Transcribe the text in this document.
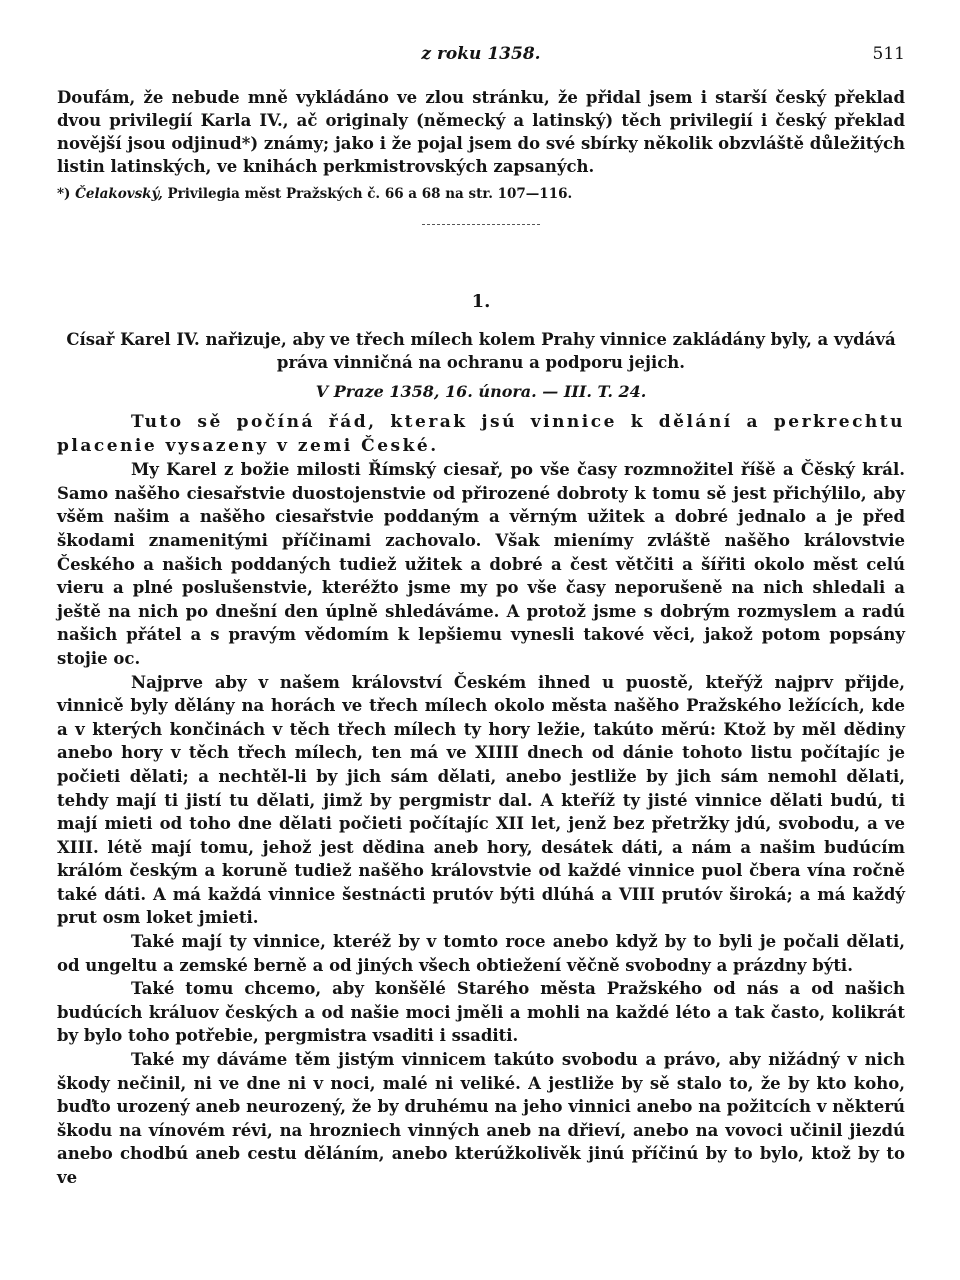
z roku 1358.	511
Doufám, že nebude mně vykládáno ve zlou stránku, že přidal jsem i starší český překlad dvou privilegií Karla IV., ač originaly (německý a latinský) těch privilegií i český překlad novější jsou odjinud*) známy; jako i že pojal jsem do své sbírky několik obzvláště důležitých listin latinských, ve knihách perkmistrovských zapsaných.
*) Čelakovský, Privilegia měst Pražských č. 66 a 68 na str. 107—116.
1.
Císař Karel IV. nařizuje, aby ve třech mílech kolem Prahy vinnice zakládány byly, a vydává práva vinničná na ochranu a podporu jejich.
V Praze 1358, 16. února. — III. T. 24.

Tuto sě počíná řád, kterak jsú vinnice k dělání a perkrechtu placenie vysazeny v zemi České.

My Karel z božie milosti Římský ciesař, po vše časy rozmnožitel říšě a Čěský král. Samo našěho ciesařstvie duostojenstvie od přirozené dobroty k tomu sě jest přichýlilo, aby všěm našim a našěho ciesařstvie poddaným a věrným užitek a dobré jednalo a je před škodami znamenitými příčinami zachovalo. Však mienímy zvláště našěho královstvie Českého a našich poddaných tudiež užitek a dobré a čest větčiti a šířiti okolo měst celú vieru a plné poslušenstvie, kteréžto jsme my po vše časy neporušeně na nich shledali a ještě na nich po dnešní den úplně shledáváme. A protož jsme s dobrým rozmyslem a radú našich přátel a s pravým vědomím k lepšiemu vynesli takové věci, jakož potom popsány stojie oc.

Najprve aby v našem království Českém ihned u puostě, kteřýž najprv přijde, vinnicě byly dělány na horách ve třech mílech okolo města našěho Pražského ležících, kde a v kterých končinách v těch třech mílech ty hory ležie, takúto měrú: Ktož by měl dědiny anebo hory v těch třech mílech, ten má ve XIIII dnech od dánie tohoto listu počítajíc je počieti dělati; a nechtěl-li by jich sám dělati, anebo jestliže by jich sám nemohl dělati, tehdy mají ti jistí tu dělati, jimž by pergmistr dal. A kteříž ty jisté vinnice dělati budú, ti mají mieti od toho dne dělati počieti počítajíc XII let, jenž bez přetržky jdú, svobodu, a ve XIII. létě mají tomu, jehož jest dědina aneb hory, desátek dáti, a nám a našim budúcím králóm českým a koruně tudiež našěho královstvie od každé vinnice puol čbera vína ročně také dáti. A má každá vinnice šestnácti prutóv býti dlúhá a VIII prutóv široká; a má každý prut osm loket jmieti.

Také mají ty vinnice, kteréž by v tomto roce anebo když by to byli je počali dělati, od ungeltu a zemské berně a od jiných všech obtiežení věčně svobodny a prázdny býti.

Také tomu chcemo, aby konšělé Starého města Pražského od nás a od našich budúcích králuov českých a od našie moci jměli a mohli na každé léto a tak často, kolikrát by bylo toho potřebie, pergmistra vsaditi i ssaditi.

Také my dáváme těm jistým vinnicem takúto svobodu a právo, aby nižádný v nich škody nečinil, ni ve dne ni v noci, malé ni veliké. A jestliže by sě stalo to, že by kto koho, buďto urozený aneb neurozený, že by druhému na jeho vinnici anebo na požitcích v některú škodu na vínovém révi, na hrozniech vinných aneb na dřieví, anebo na vovoci učinil jiezdú anebo chodbú aneb cestu děláním, anebo kterúžkolivěk jinú příčinú by to bylo, ktož by to ve
